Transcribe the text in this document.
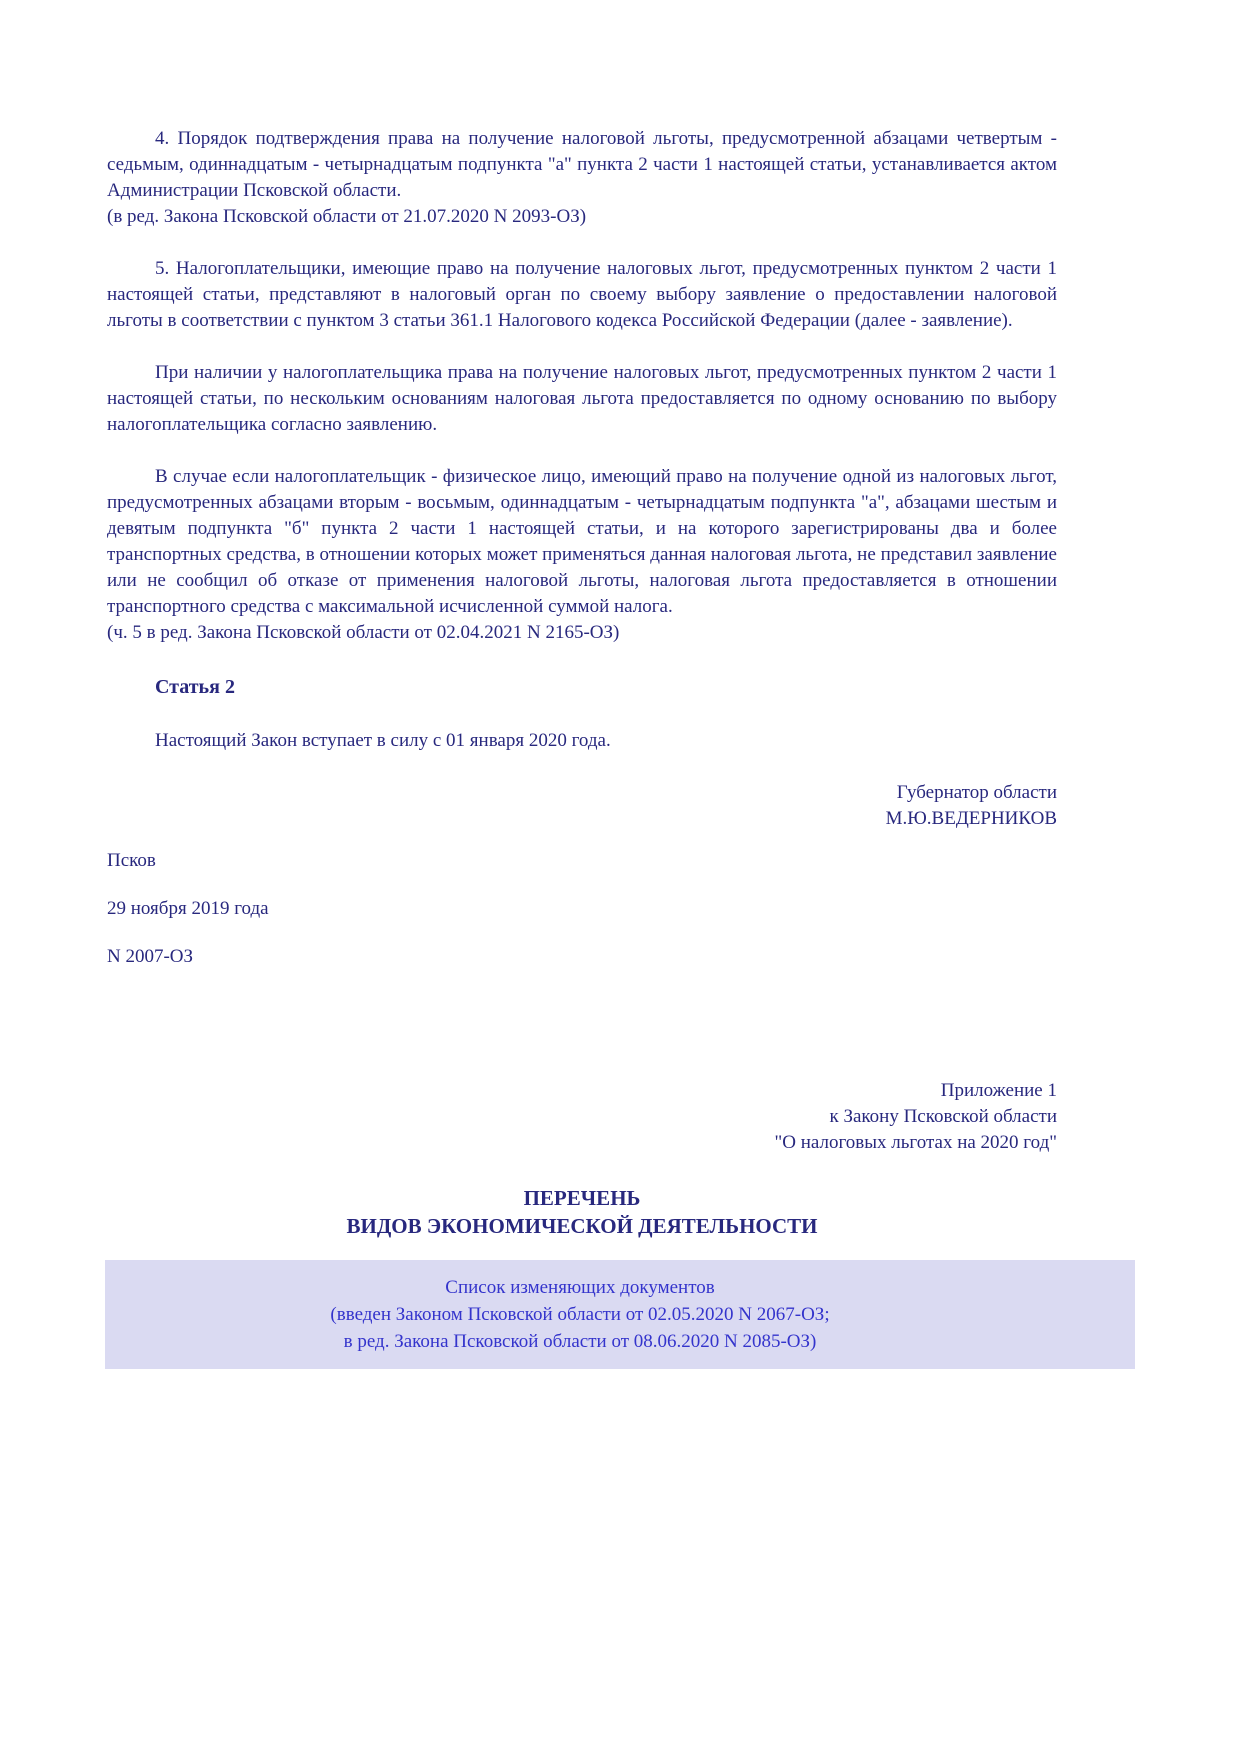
4. Порядок подтверждения права на получение налоговой льготы, предусмотренной абзацами четвертым - седьмым, одиннадцатым - четырнадцатым подпункта "а" пункта 2 части 1 настоящей статьи, устанавливается актом Администрации Псковской области.

(в ред. Закона Псковской области от 21.07.2020 N 2093-ОЗ)

5. Налогоплательщики, имеющие право на получение налоговых льгот, предусмотренных пунктом 2 части 1 настоящей статьи, представляют в налоговый орган по своему выбору заявление о предоставлении налоговой льготы в соответствии с пунктом 3 статьи 361.1 Налогового кодекса Российской Федерации (далее - заявление).

При наличии у налогоплательщика права на получение налоговых льгот, предусмотренных пунктом 2 части 1 настоящей статьи, по нескольким основаниям налоговая льгота предоставляется по одному основанию по выбору налогоплательщика согласно заявлению.

В случае если налогоплательщик - физическое лицо, имеющий право на получение одной из налоговых льгот, предусмотренных абзацами вторым - восьмым, одиннадцатым - четырнадцатым подпункта "а", абзацами шестым и девятым подпункта "б" пункта 2 части 1 настоящей статьи, и на которого зарегистрированы два и более транспортных средства, в отношении которых может применяться данная налоговая льгота, не представил заявление или не сообщил об отказе от применения налоговой льготы, налоговая льгота предоставляется в отношении транспортного средства с максимальной исчисленной суммой налога.

(ч. 5 в ред. Закона Псковской области от 02.04.2021 N 2165-ОЗ)

Статья 2

Настоящий Закон вступает в силу с 01 января 2020 года.

Губернатор области
М.Ю.ВЕДЕРНИКОВ
Псков
29 ноября 2019 года
N 2007-ОЗ
Приложение 1
к Закону Псковской области
"О налоговых льготах на 2020 год"
ПЕРЕЧЕНЬ
ВИДОВ ЭКОНОМИЧЕСКОЙ ДЕЯТЕЛЬНОСТИ
Список изменяющих документов
(введен Законом Псковской области от 02.05.2020 N 2067-ОЗ;
в ред. Закона Псковской области от 08.06.2020 N 2085-ОЗ)
